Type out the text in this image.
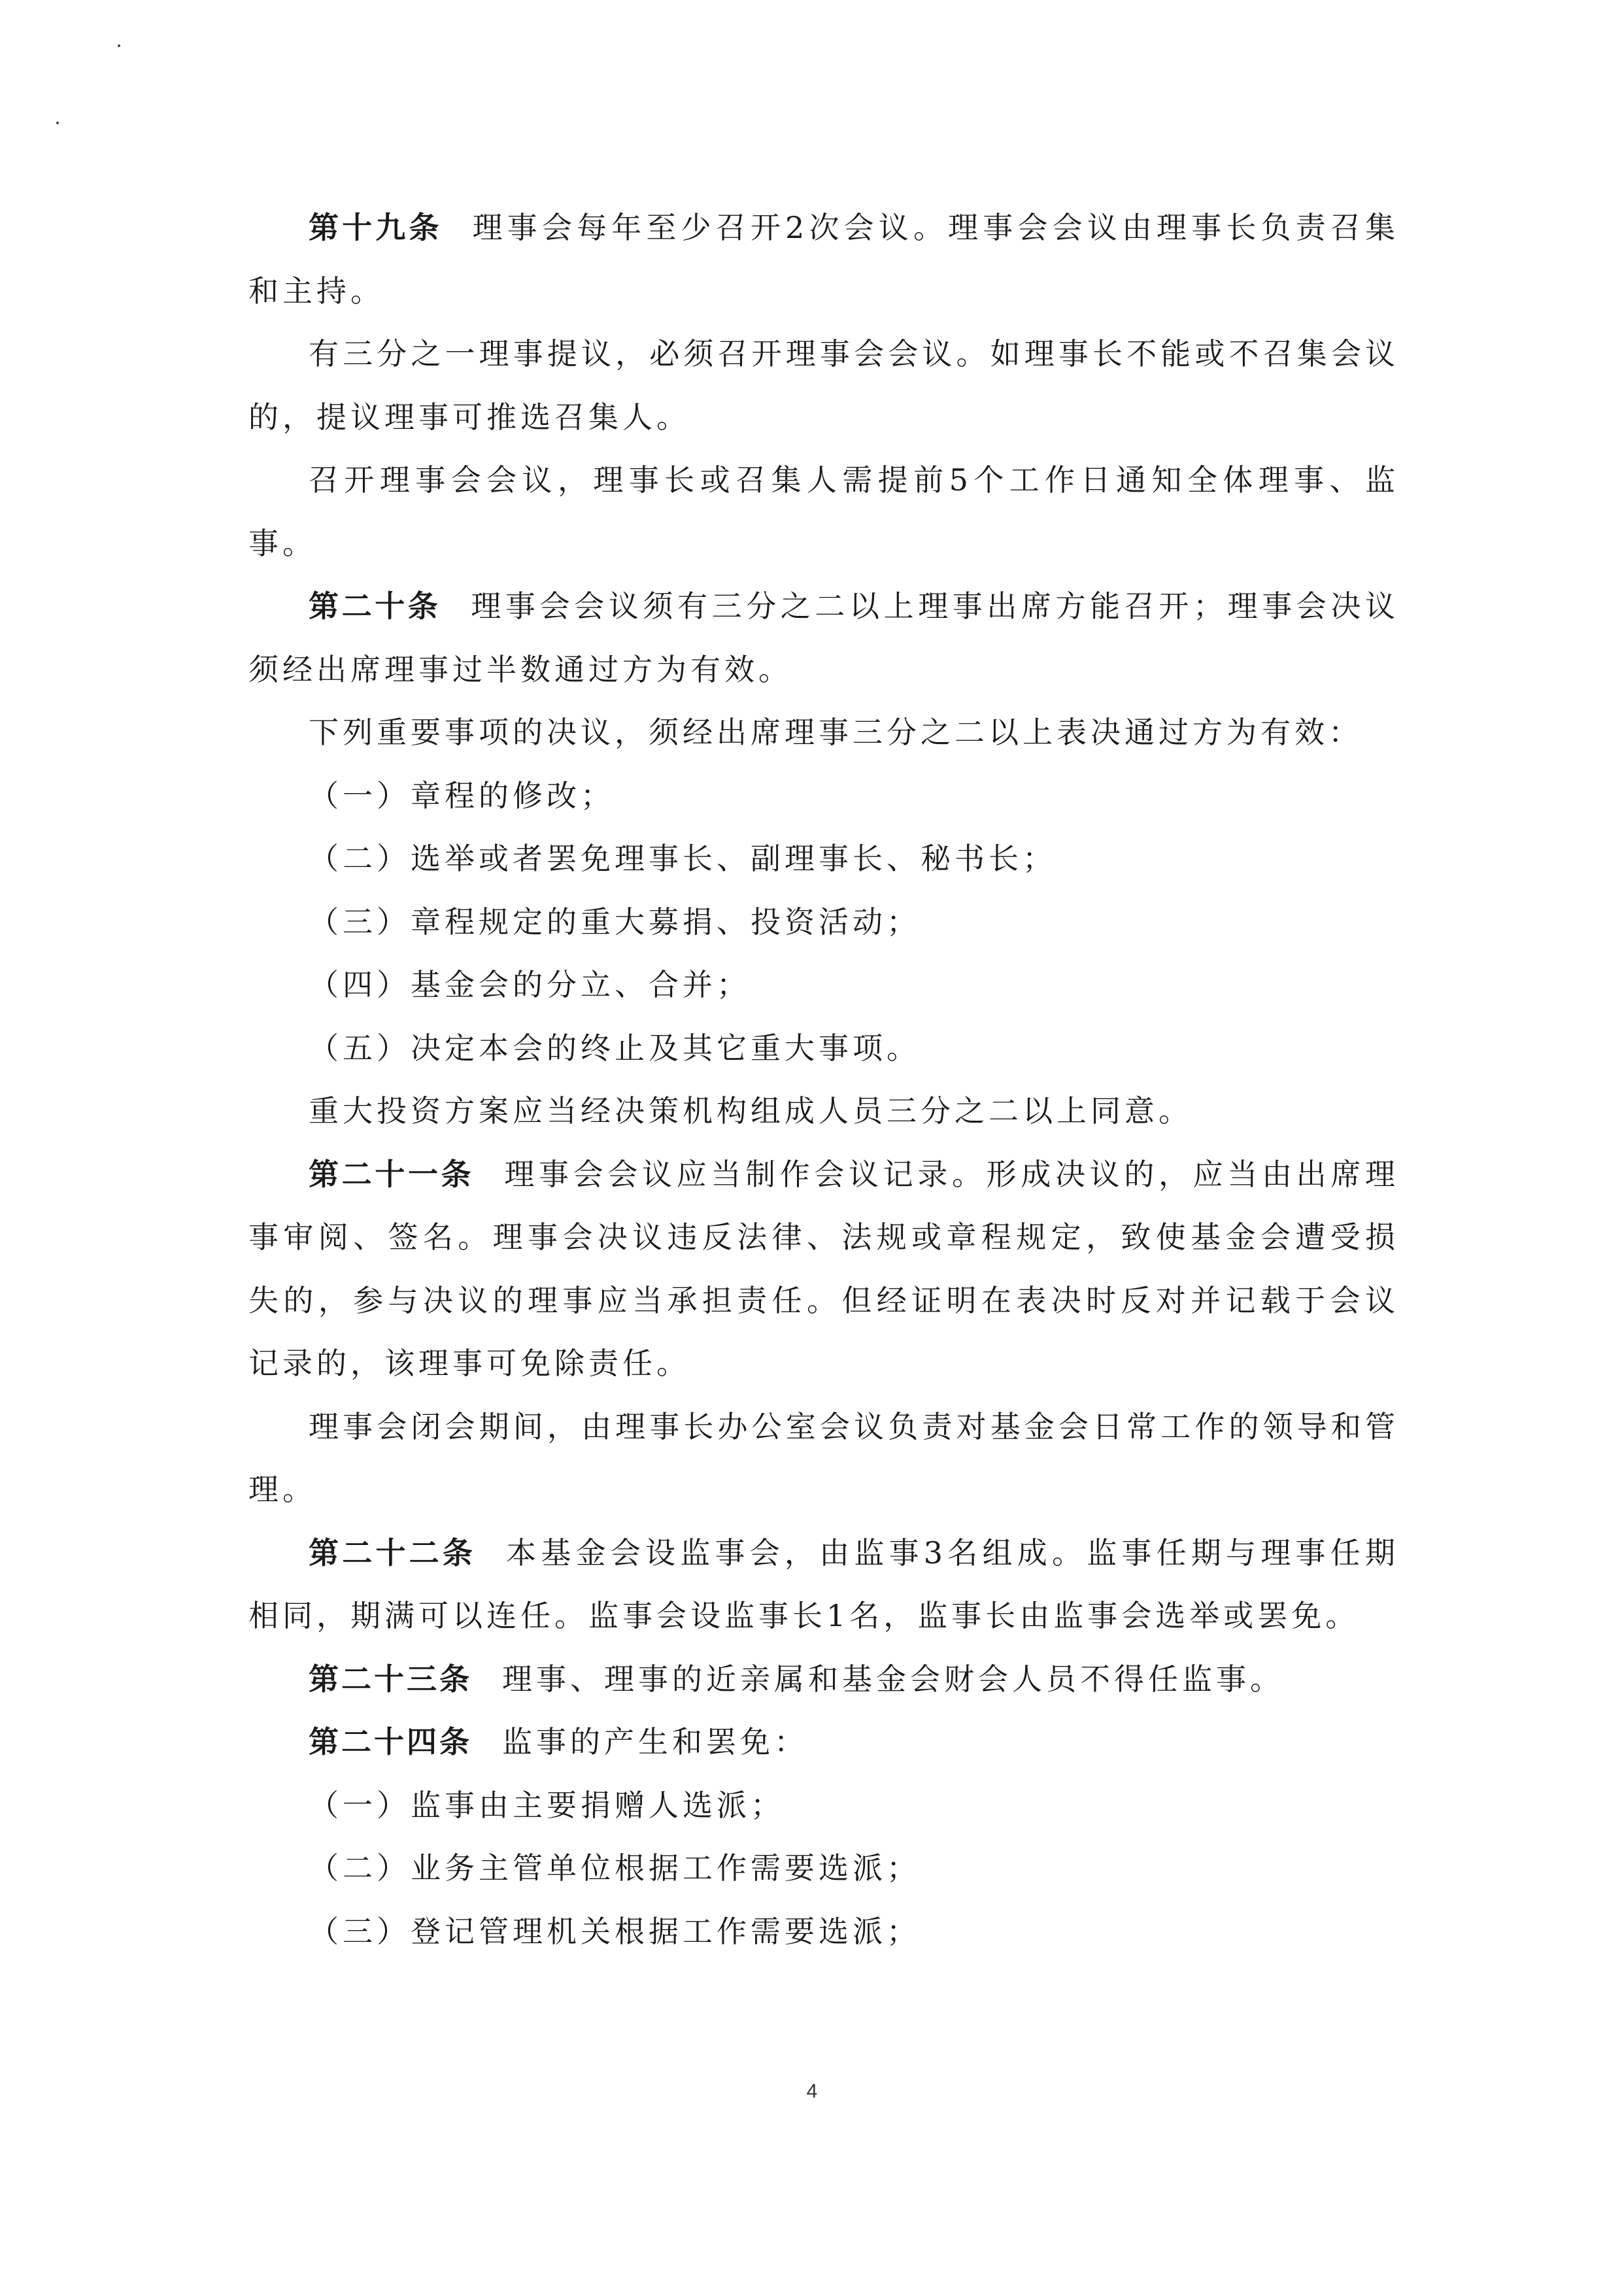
第十九条 理事会每年至少召开2次会议。理事会会议由理事长负责召集和主持。

有三分之一理事提议，必须召开理事会会议。如理事长不能或不召集会议的，提议理事可推选召集人。

召开理事会会议，理事长或召集人需提前5个工作日通知全体理事、监事。

第二十条 理事会会议须有三分之二以上理事出席方能召开；理事会决议须经出席理事过半数通过方为有效。

下列重要事项的决议，须经出席理事三分之二以上表决通过方为有效：

（一）章程的修改；

（二）选举或者罢免理事长、副理事长、秘书长；

（三）章程规定的重大募捐、投资活动；

（四）基金会的分立、合并；

（五）决定本会的终止及其它重大事项。

重大投资方案应当经决策机构组成人员三分之二以上同意。

第二十一条 理事会会议应当制作会议记录。形成决议的，应当由出席理事审阅、签名。理事会决议违反法律、法规或章程规定，致使基金会遭受损失的，参与决议的理事应当承担责任。但经证明在表决时反对并记载于会议记录的，该理事可免除责任。

理事会闭会期间，由理事长办公室会议负责对基金会日常工作的领导和管理。

第二十二条 本基金会设监事会，由监事3名组成。监事任期与理事任期相同，期满可以连任。监事会设监事长1名，监事长由监事会选举或罢免。

第二十三条 理事、理事的近亲属和基金会财会人员不得任监事。

第二十四条 监事的产生和罢免：

（一）监事由主要捐赠人选派；

（二）业务主管单位根据工作需要选派；

（三）登记管理机关根据工作需要选派；

4
